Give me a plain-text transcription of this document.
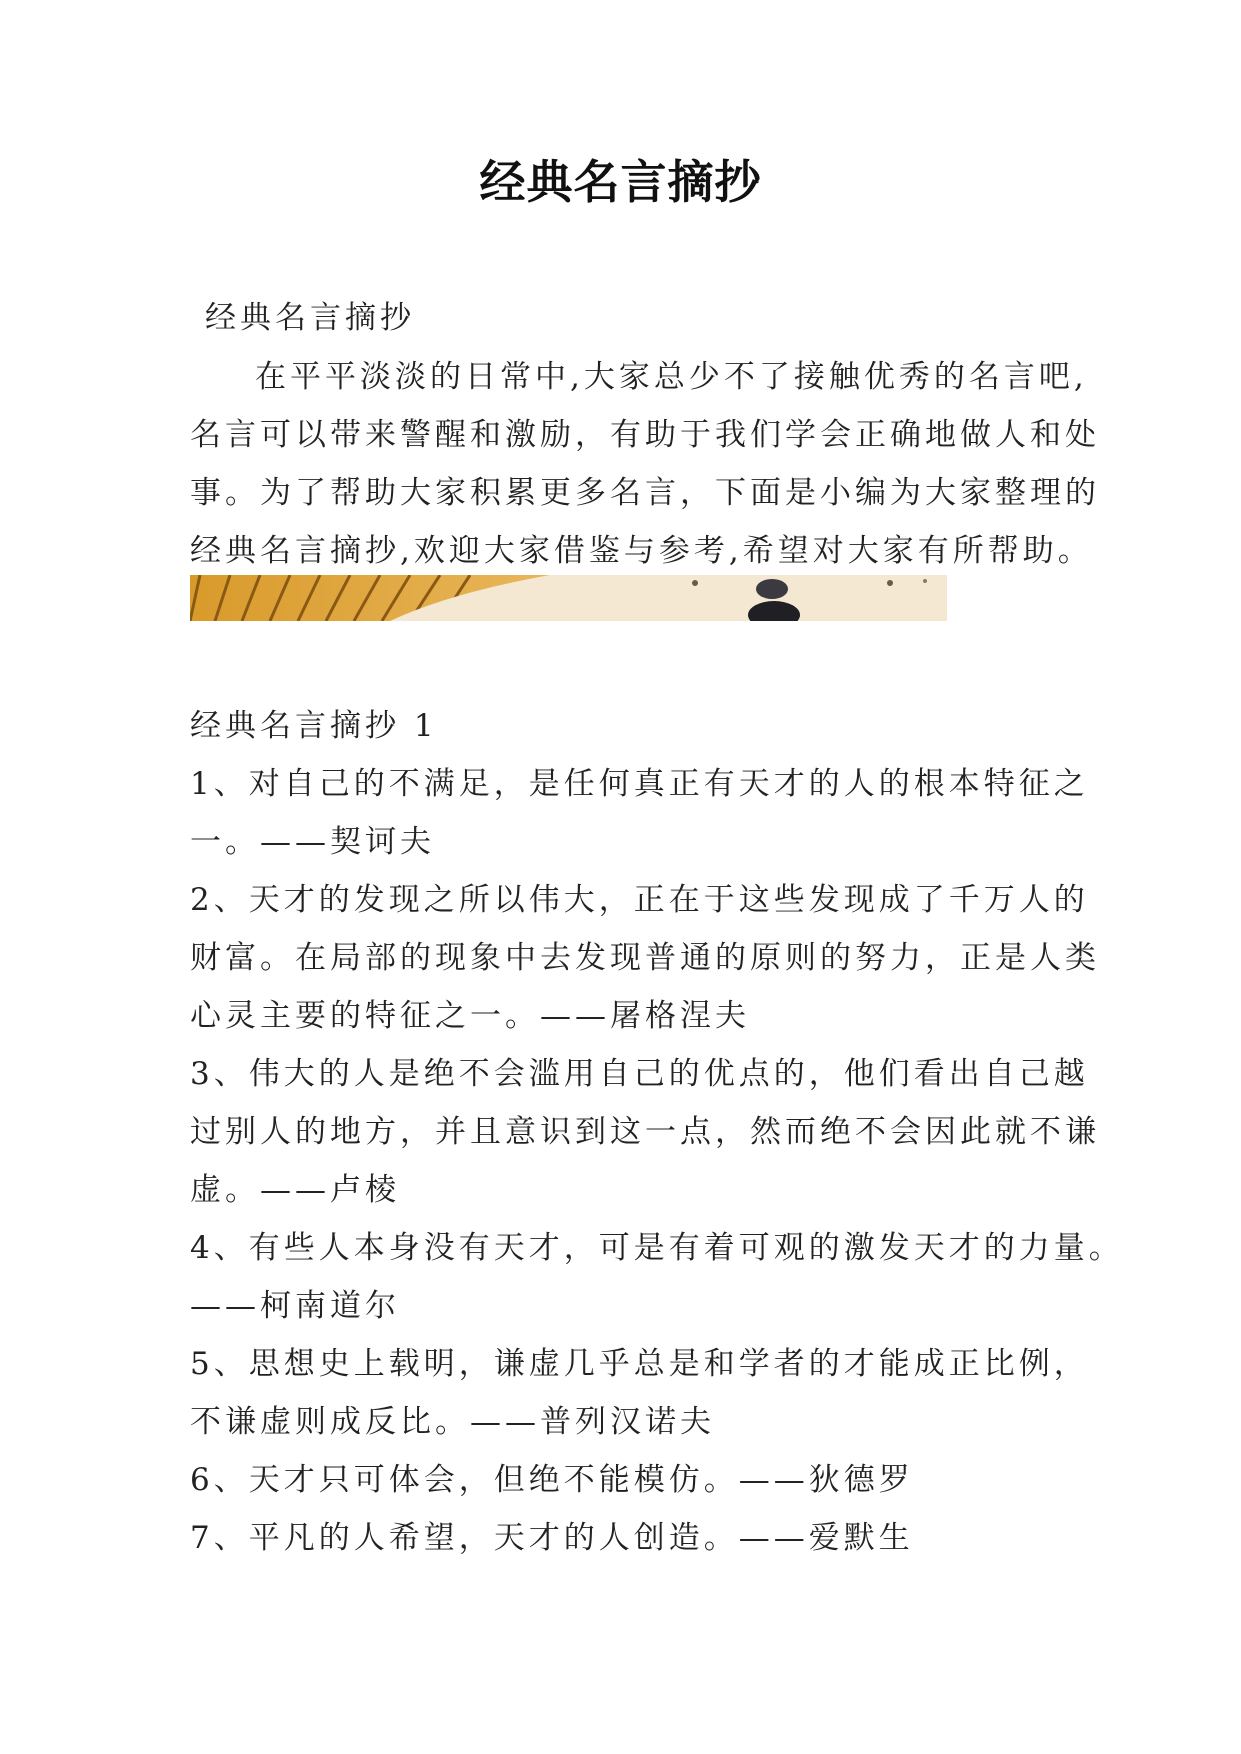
经典名言摘抄
经典名言摘抄
在平平淡淡的日常中,大家总少不了接触优秀的名言吧,
名言可以带来警醒和激励，有助于我们学会正确地做人和处
事。为了帮助大家积累更多名言，下面是小编为大家整理的
经典名言摘抄,欢迎大家借鉴与参考,希望对大家有所帮助。
经典名言摘抄 1
1、对自己的不满足，是任何真正有天才的人的根本特征之
一。——契诃夫
2、天才的发现之所以伟大，正在于这些发现成了千万人的
财富。在局部的现象中去发现普通的原则的努力，正是人类
心灵主要的特征之一。——屠格涅夫
3、伟大的人是绝不会滥用自己的优点的，他们看出自己越
过别人的地方，并且意识到这一点，然而绝不会因此就不谦
虚。——卢棱
4、有些人本身没有天才，可是有着可观的激发天才的力量。
——柯南道尔
5、思想史上载明，谦虚几乎总是和学者的才能成正比例，
不谦虚则成反比。——普列汉诺夫
6、天才只可体会，但绝不能模仿。——狄德罗
7、平凡的人希望，天才的人创造。——爱默生
